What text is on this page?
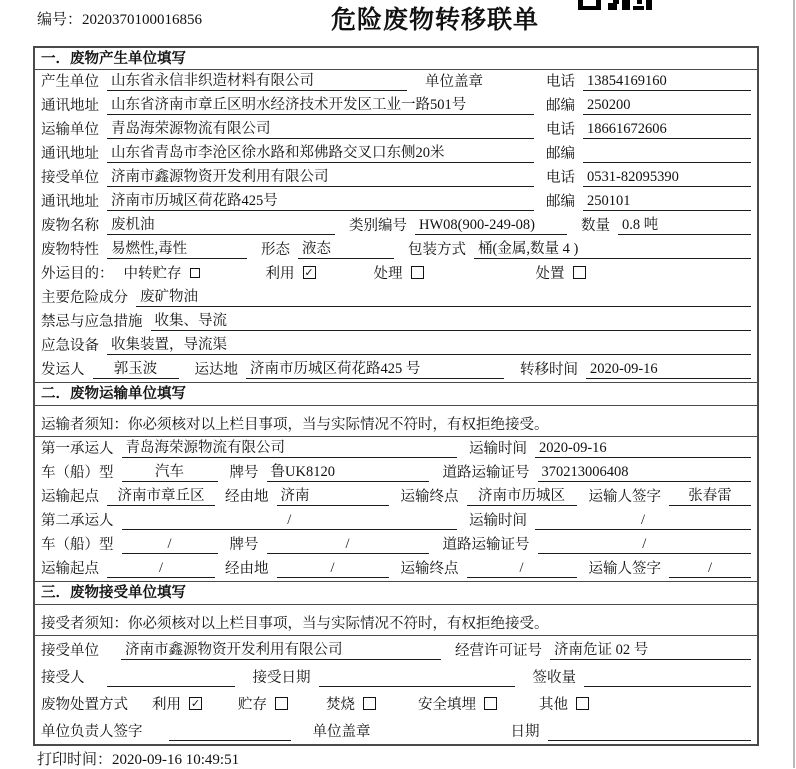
编号：2020370100016856	危险废物转移联单
一．废物产生单位填写
产生单位 山东省永信非织造材料有限公司	单位盖章	电话 13854169160
通讯地址 山东省济南市章丘区明水经济技术开发区工业一路501号	邮编 250200
运输单位 青岛海荣源物流有限公司	电话 18661672606
通讯地址 山东省青岛市李沧区徐水路和郑佛路交叉口东侧20米	邮编
接受单位 济南市鑫源物资开发利用有限公司	电话 0531-82095390
通讯地址 济南市历城区荷花路425号	邮编 250101
废物名称 废机油	类别编号 HW08(900-249-08)	数量 0.8 吨
废物特性 易燃性,毒性	形态 液态	包装方式 桶(金属,数量 4 )
外运目的： 中转贮存	利用 ✓	处理	处置
主要危险成分 废矿物油
禁忌与应急措施 收集、导流
应急设备 收集装置，导流渠
发运人	郭玉波	运达地 济南市历城区荷花路425 号	转移时间 2020-09-16
二．废物运输单位填写
运输者须知：你必须核对以上栏目事项，当与实际情况不符时，有权拒绝接受。
第一承运人 青岛海荣源物流有限公司	运输时间 2020-09-16
车（船）型	汽车	牌号 鲁UK8120	道路运输证号 370213006408
运输起点	济南市章丘区	经由地 济南	运输终点	济南市历城区	运输人签字	张春雷
第二承运人	/	运输时间	/
车（船）型	/	牌号	/	道路运输证号	/
运输起点	/	经由地	/	运输终点	/	运输人签字	/
三．废物接受单位填写
接受者须知：你必须核对以上栏目事项，当与实际情况不符时，有权拒绝接受。
接受单位 济南市鑫源物资开发利用有限公司	经营许可证号 济南危证 02 号
接受人	接受日期	签收量
废物处置方式 利用 ✓	贮存	焚烧	安全填埋	其他
单位负责人签字	单位盖章	日期
打印时间：2020-09-16 10:49:51
